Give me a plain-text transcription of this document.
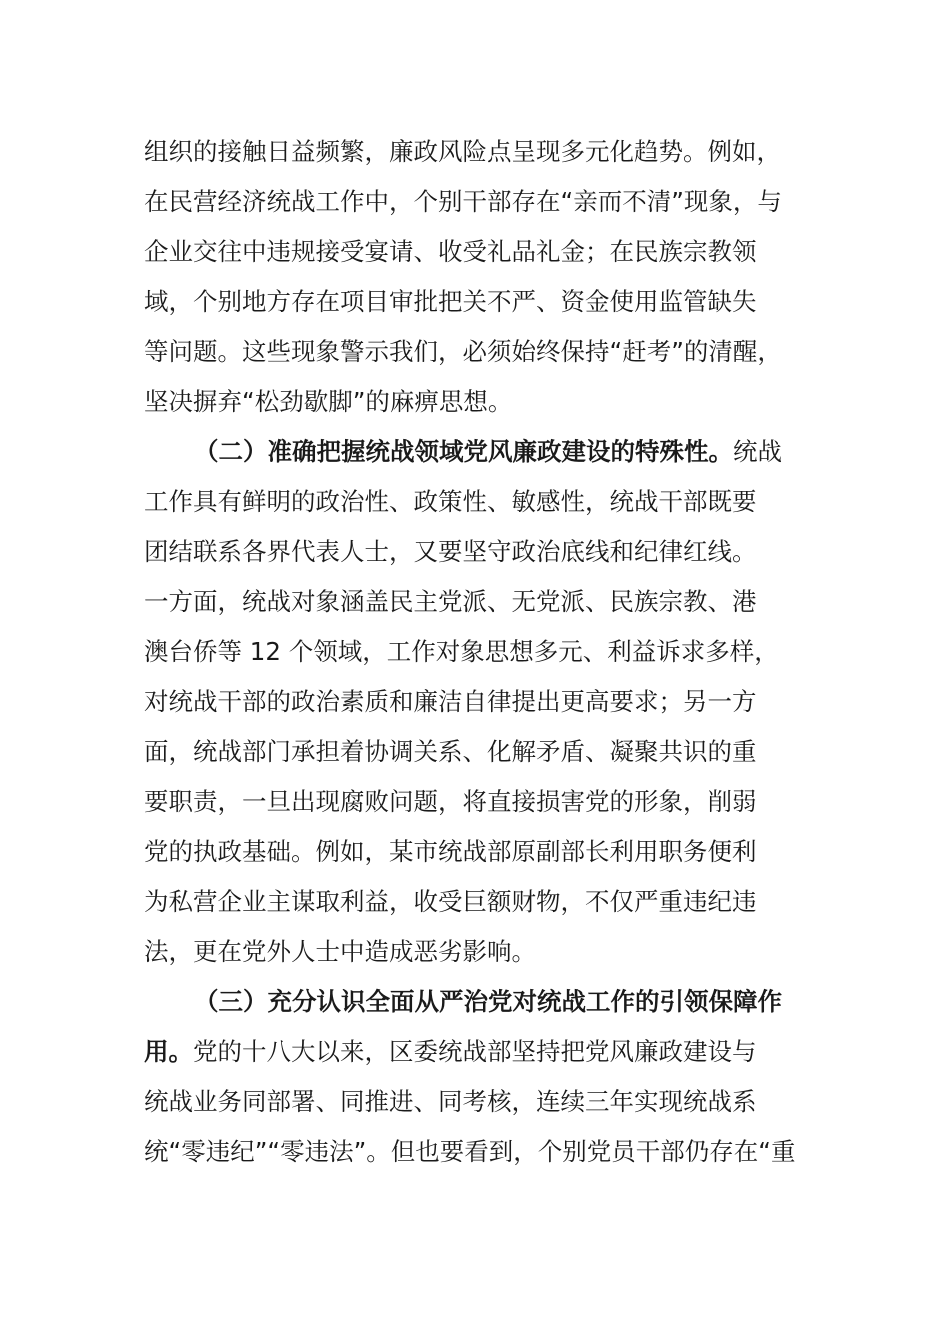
组织的接触日益频繁，廉政风险点呈现多元化趋势。例如，
在民营经济统战工作中，个别干部存在“亲而不清”现象，与
企业交往中违规接受宴请、收受礼品礼金；在民族宗教领
域，个别地方存在项目审批把关不严、资金使用监管缺失
等问题。这些现象警示我们，必须始终保持“赶考”的清醒，
坚决摒弃“松劲歇脚”的麻痹思想。
（二）准确把握统战领域党风廉政建设的特殊性。统战
工作具有鲜明的政治性、政策性、敏感性，统战干部既要
团结联系各界代表人士，又要坚守政治底线和纪律红线。
一方面，统战对象涵盖民主党派、无党派、民族宗教、港
澳台侨等 12 个领域，工作对象思想多元、利益诉求多样，
对统战干部的政治素质和廉洁自律提出更高要求；另一方
面，统战部门承担着协调关系、化解矛盾、凝聚共识的重
要职责，一旦出现腐败问题，将直接损害党的形象，削弱
党的执政基础。例如，某市统战部原副部长利用职务便利
为私营企业主谋取利益，收受巨额财物，不仅严重违纪违
法，更在党外人士中造成恶劣影响。
（三）充分认识全面从严治党对统战工作的引领保障作
用。党的十八大以来，区委统战部坚持把党风廉政建设与
统战业务同部署、同推进、同考核，连续三年实现统战系
统“零违纪”“零违法”。但也要看到，个别党员干部仍存在“重
